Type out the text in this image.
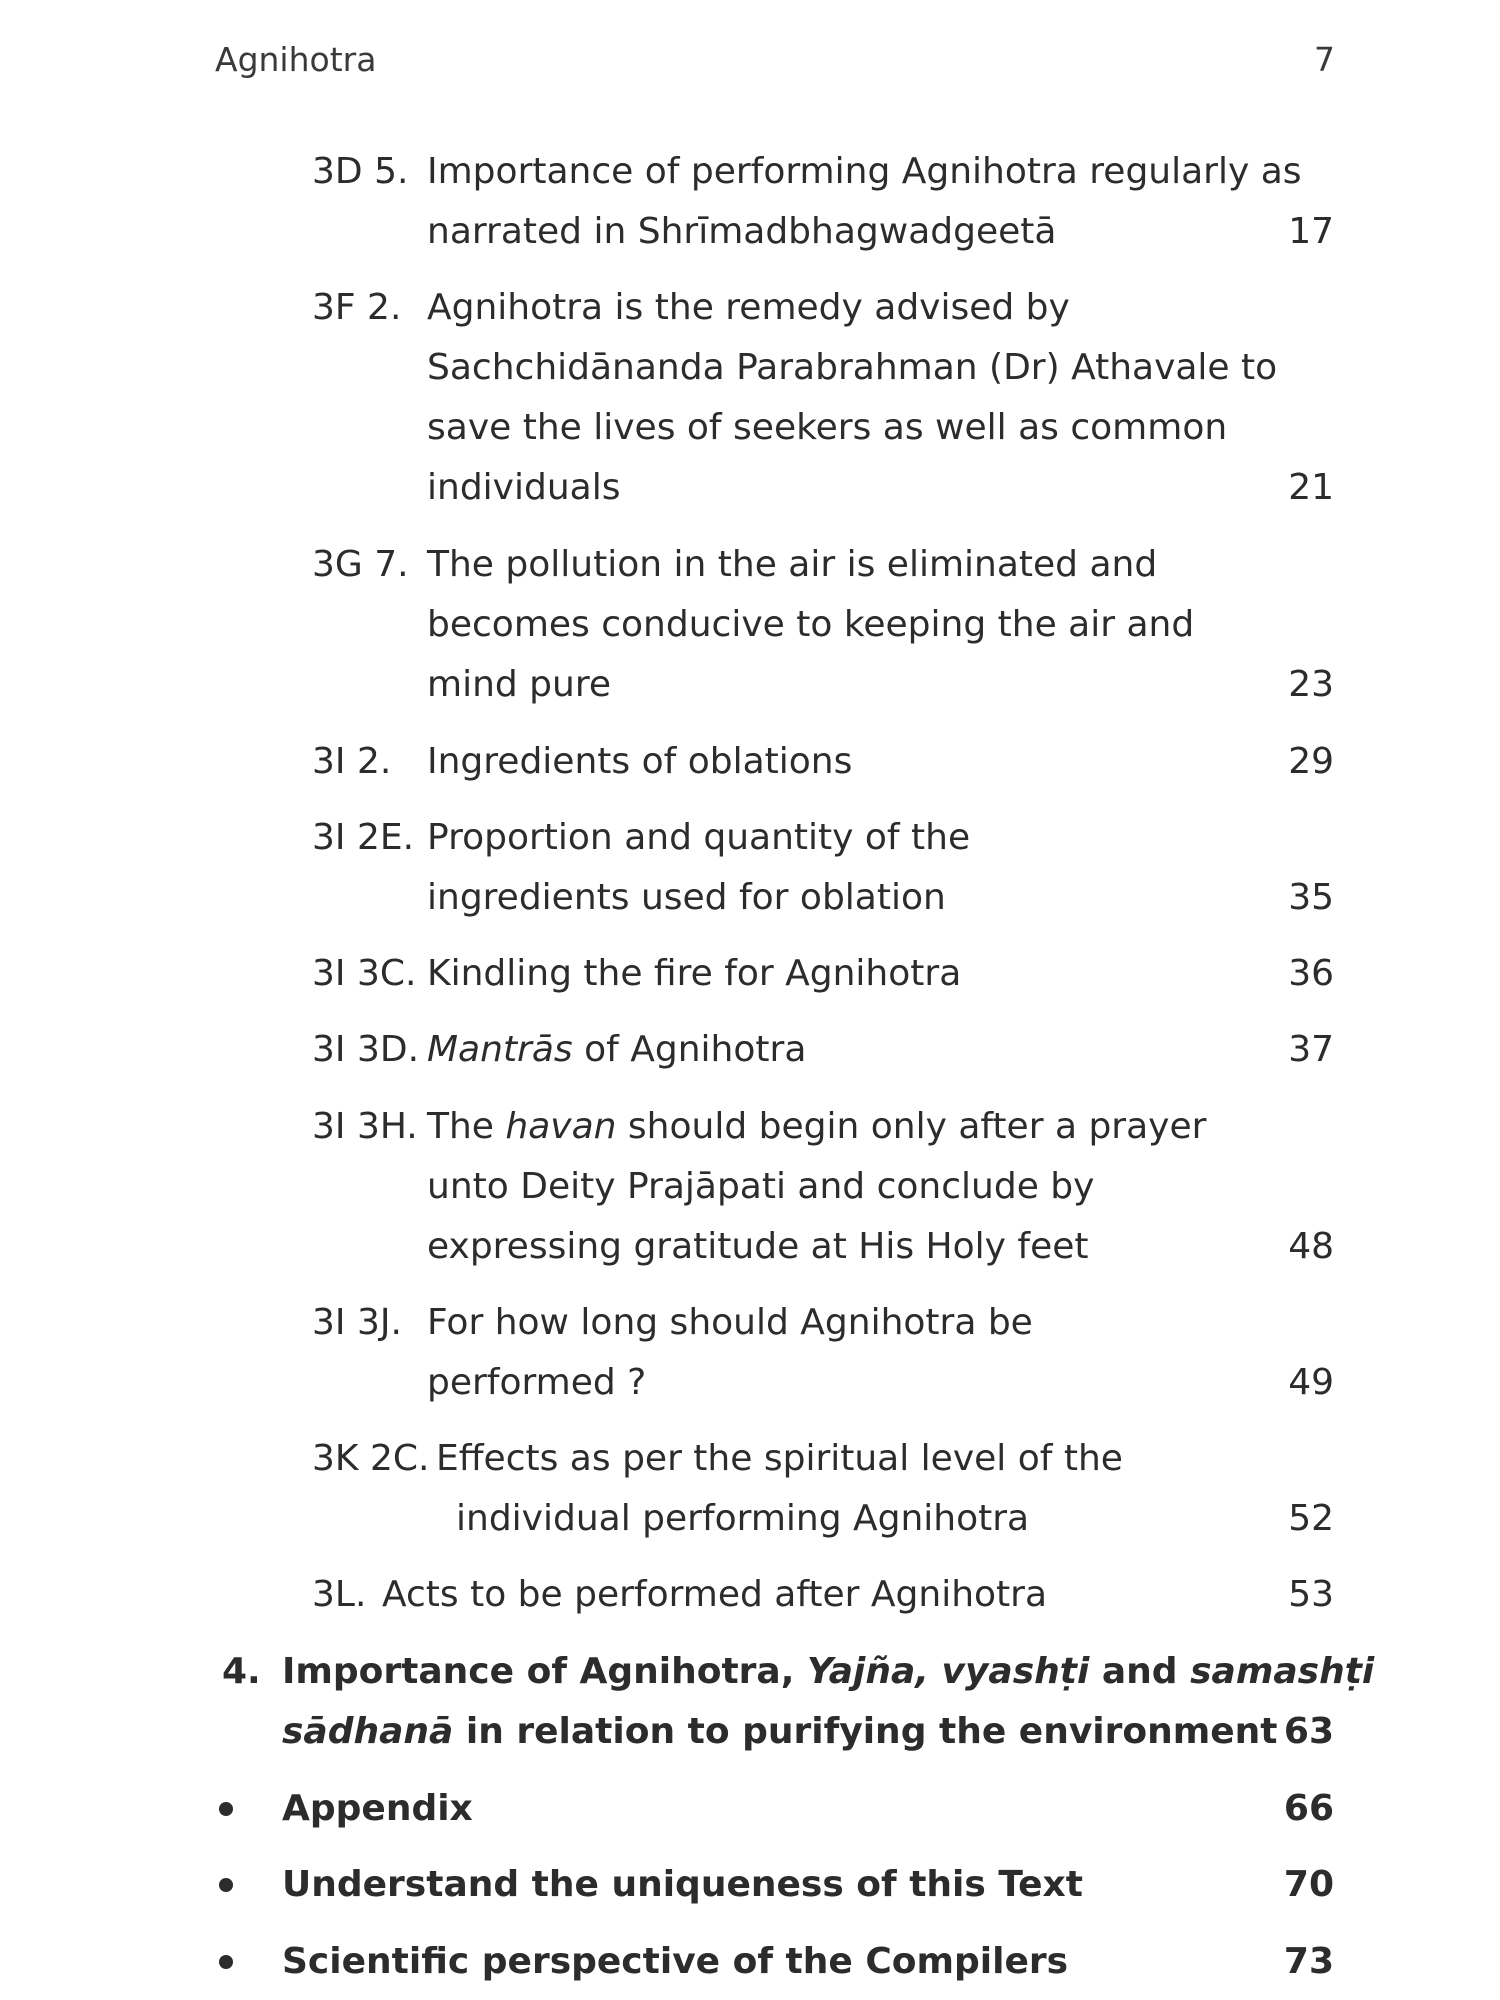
Agnihotra	7
3D 5. Importance of performing Agnihotra regularly as
narrated in Shrīmadbhagwadgeetā	17
3F 2. Agnihotra is the remedy advised by
Sachchidānanda Parabrahman (Dr) Athavale to
save the lives of seekers as well as common
individuals	21
3G 7. The pollution in the air is eliminated and
becomes conducive to keeping the air and
mind pure	23
3I 2. Ingredients of oblations	29
3I 2E. Proportion and quantity of the
ingredients used for oblation	35
3I 3C. Kindling the fire for Agnihotra	36
3I 3D. Mantrās of Agnihotra	37
3I 3H. The havan should begin only after a prayer
unto Deity Prajāpati and conclude by
expressing gratitude at His Holy feet	48
3I 3J. For how long should Agnihotra be
performed ?	49
3K 2C. Effects as per the spiritual level of the
individual performing Agnihotra	52
3L. Acts to be performed after Agnihotra	53
4. Importance of Agnihotra, Yajña, vyashṭi and samashṭi
sādhanā in relation to purifying the environment 63
Appendix	66
Understand the uniqueness of this Text	70
Scientific perspective of the Compilers	73
